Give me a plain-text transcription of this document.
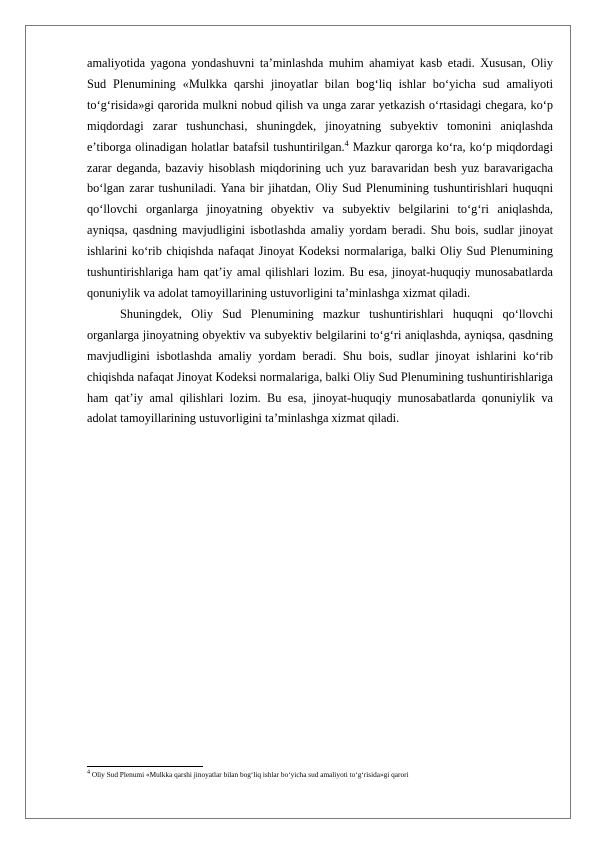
amaliyotida yagona yondashuvni taʼminlashda muhim ahamiyat kasb etadi. Xususan, Oliy Sud Plenumining «Mulkka qarshi jinoyatlar bilan bogʻliq ishlar boʻyicha sud amaliyoti toʻgʻrisida»gi qarorida mulkni nobud qilish va unga zarar yetkazish oʻrtasidagi chegara, koʻp miqdordagi zarar tushunchasi, shuningdek, jinoyatning subyektiv tomonini aniqlashda eʼtiborga olinadigan holatlar batafsil tushuntirilgan.$^4$ Mazkur qarorga koʻra, koʻp miqdordagi zarar deganda, bazaviy hisoblash miqdorining uch yuz baravaridan besh yuz baravarigacha boʻlgan zarar tushuniladi. Yana bir jihatdan, Oliy Sud Plenumining tushuntirishlari huquqni qoʻllovchi organlarga jinoyatning obyektiv va subyektiv belgilarini toʻgʻri aniqlashda, ayniqsa, qasdning mavjudligini isbotlashda amaliy yordam beradi. Shu bois, sudlar jinoyat ishlarini koʻrib chiqishda nafaqat Jinoyat Kodeksi normalariga, balki Oliy Sud Plenumining tushuntirishlariga ham qatʼiy amal qilishlari lozim. Bu esa, jinoyat-huquqiy munosabatlarda qonuniylik va adolat tamoyillarining ustuvorligini taʼminlashga xizmat qiladi.

Shuningdek, Oliy Sud Plenumining mazkur tushuntirishlari huquqni qoʻllovchi organlarga jinoyatning obyektiv va subyektiv belgilarini toʻgʻri aniqlashda, ayniqsa, qasdning mavjudligini isbotlashda amaliy yordam beradi. Shu bois, sudlar jinoyat ishlarini koʻrib chiqishda nafaqat Jinoyat Kodeksi normalariga, balki Oliy Sud Plenumining tushuntirishlariga ham qatʼiy amal qilishlari lozim. Bu esa, jinoyat-huquqiy munosabatlarda qonuniylik va adolat tamoyillarining ustuvorligini taʼminlashga xizmat qiladi.

$^4$ Oliy Sud Plenumi «Mulkka qarshi jinoyatlar bilan bogʻliq ishlar boʻyicha sud amaliyoti toʻgʻrisida»gi qarori
